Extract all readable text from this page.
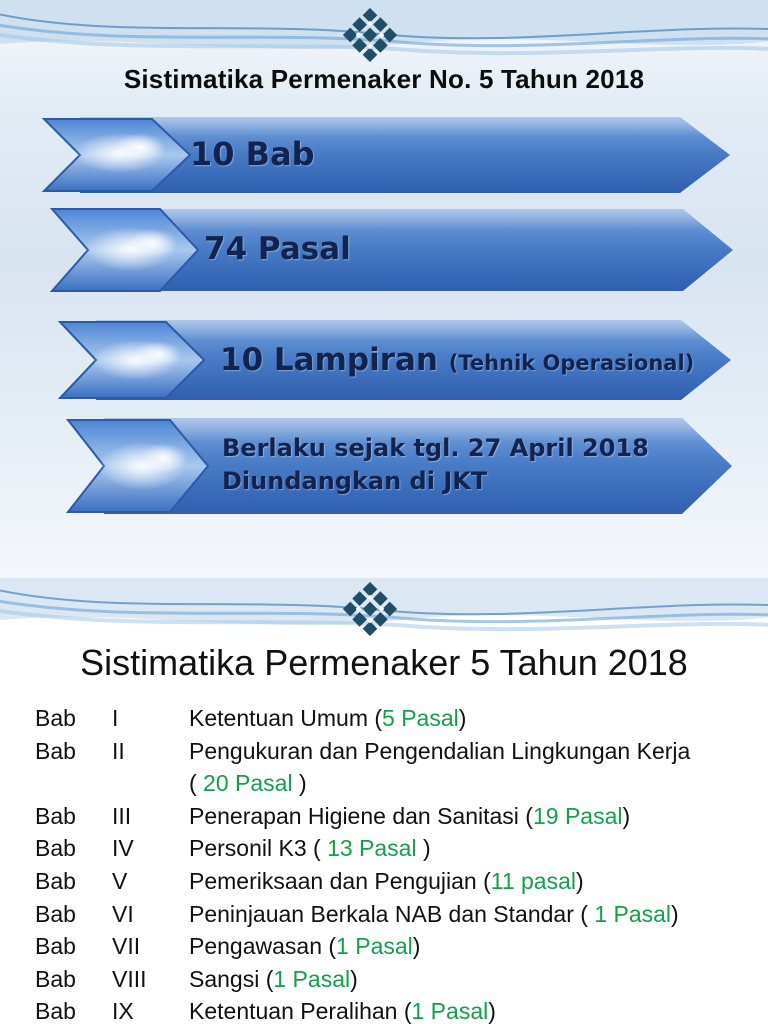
Sistimatika Permenaker No. 5 Tahun 2018
10 Bab
74 Pasal
10 Lampiran (Tehnik Operasional)
Berlaku sejak tgl. 27 April 2018
Diundangkan di JKT
Sistimatika Permenaker 5 Tahun 2018
Bab I	Ketentuan Umum (5 Pasal)
Bab II	Pengukuran dan Pengendalian Lingkungan Kerja
( 20 Pasal )
Bab III	Penerapan Higiene dan Sanitasi (19 Pasal)
Bab IV Personil K3 ( 13 Pasal )
Bab V	Pemeriksaan dan Pengujian (11 pasal)
Bab VI Peninjauan Berkala NAB dan Standar ( 1 Pasal)
Bab VII Pengawasan (1 Pasal)
Bab VIII Sangsi (1 Pasal)
Bab IX Ketentuan Peralihan (1 Pasal)
